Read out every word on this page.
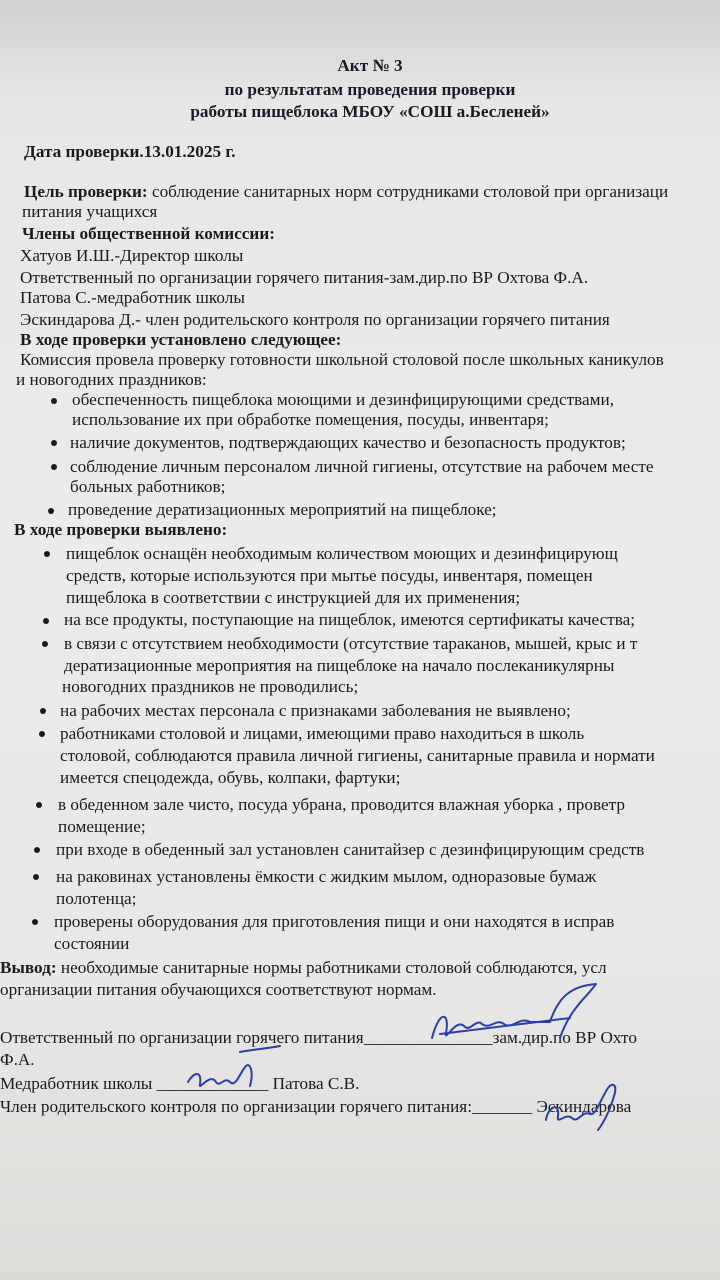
Акт № 3
по результатам проведения проверки
работы пищеблока МБОУ «СОШ а.Бесленей»
Дата проверки.13.01.2025 г.
Цель проверки: соблюдение санитарных норм сотрудниками столовой при организаци
питания учащихся
Члены общественной комиссии:
Хатуов И.Ш.-Директор школы
Ответственный по организации горячего питания-зам.дир.по ВР Охтова Ф.А.
Патова С.-медработник школы
Эскиндарова Д.- член родительского контроля по организации горячего питания
В ходе проверки установлено следующее:
Комиссия провела проверку готовности школьной столовой после школьных каникулов
и новогодних праздников:
обеспеченность пищеблока моющими и дезинфицирующими средствами,
использование их при обработке помещения, посуды, инвентаря;
наличие документов, подтверждающих качество и безопасность продуктов;
соблюдение личным персоналом личной гигиены, отсутствие на рабочем месте
больных работников;
проведение дератизационных мероприятий на пищеблоке;
В ходе проверки выявлено:
пищеблок оснащён необходимым количеством моющих и дезинфицирующ
средств, которые используются при мытье посуды, инвентаря, помещен
пищеблока в соответствии с инструкцией для их применения;
на все продукты, поступающие на пищеблок, имеются сертификаты качества;
в связи с отсутствием необходимости (отсутствие тараканов, мышей, крыс и т
дератизационные мероприятия на пищеблоке на начало послеканикулярны
новогодних праздников не проводились;
на рабочих местах персонала с признаками заболевания не выявлено;
работниками столовой и лицами, имеющими право находиться в школь
столовой, соблюдаются правила личной гигиены, санитарные правила и нормати
имеется спецодежда, обувь, колпаки, фартуки;
в обеденном зале чисто, посуда убрана, проводится влажная уборка , проветр
помещение;
при входе в обеденный зал установлен санитайзер с дезинфицирующим средств
на раковинах установлены ёмкости с жидким мылом, одноразовые бумаж
полотенца;
проверены оборудования для приготовления пищи и они находятся в исправ
состоянии
Вывод: необходимые санитарные нормы работниками столовой соблюдаются, усл
организации питания обучающихся соответствуют нормам.
Ответственный по организации горячего питания_______________зам.дир.по ВР Охто
Ф.А.
Медработник школы _____________ Патова С.В.
Член родительского контроля по организации горячего питания:_______ Эскиндарова
